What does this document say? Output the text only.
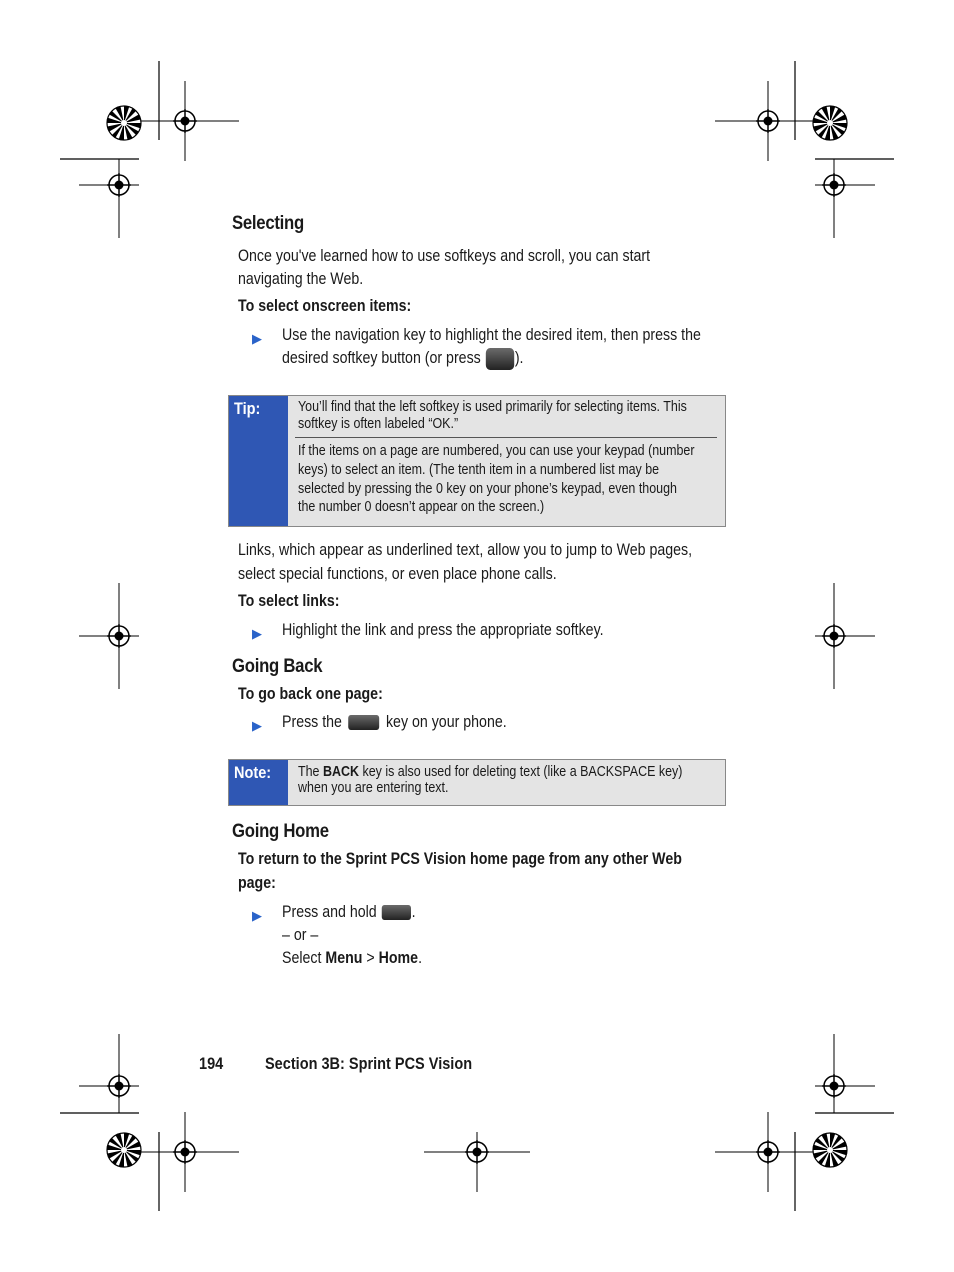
Selecting
Once you've learned how to use softkeys and scroll, you can start
navigating the Web.
To select onscreen items:
▶ Use the navigation key to highlight the desired item, then press the
desired softkey button (or press ).
Tip:	You’ll find that the left softkey is used primarily for selecting items. This
softkey is often labeled “OK.”
If the items on a page are numbered, you can use your keypad (number
keys) to select an item. (The tenth item in a numbered list may be
selected by pressing the 0 key on your phone’s keypad, even though
the number 0 doesn’t appear on the screen.)
Links, which appear as underlined text, allow you to jump to Web pages,
select special functions, or even place phone calls.
To select links:
▶ Highlight the link and press the appropriate softkey.
Going Back
To go back one page:
▶ Press the	key on your phone.
Note: The BACK key is also used for deleting text (like a BACKSPACE key)
when you are entering text.
Going Home
To return to the Sprint PCS Vision home page from any other Web
page:
▶ Press and hold .
– or –
Select Menu > Home.
194	Section 3B: Sprint PCS Vision
